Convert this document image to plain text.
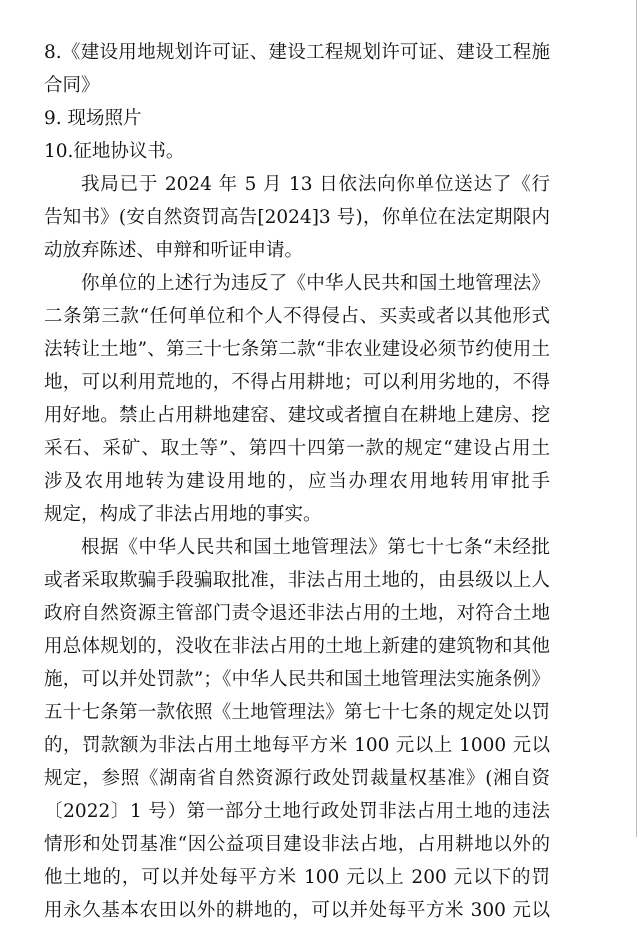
8.《建设用地规划许可证、建设工程规划许可证、建设工程施
合同》
9. 现场照片
10.征地协议书。
我局已于 2024 年 5 月 13 日依法向你单位送达了《行
告知书》(安自然资罚高告[2024]3 号)，你单位在法定期限内
动放弃陈述、申辩和听证申请。
你单位的上述行为违反了《中华人民共和国土地管理法》
二条第三款“任何单位和个人不得侵占、买卖或者以其他形式
法转让土地”、第三十七条第二款“非农业建设必须节约使用土
地，可以利用荒地的，不得占用耕地；可以利用劣地的，不得
用好地。禁止占用耕地建窑、建坟或者擅自在耕地上建房、挖
采石、采矿、取土等”、第四十四第一款的规定“建设占用土
涉及农用地转为建设用地的，应当办理农用地转用审批手
规定，构成了非法占用地的事实。
根据《中华人民共和国土地管理法》第七十七条“未经批
或者采取欺骗手段骗取批准，非法占用土地的，由县级以上人
政府自然资源主管部门责令退还非法占用的土地，对符合土地
用总体规划的，没收在非法占用的土地上新建的建筑物和其他
施，可以并处罚款”；《中华人民共和国土地管理法实施条例》
五十七条第一款依照《土地管理法》第七十七条的规定处以罚
的，罚款额为非法占用土地每平方米 100 元以上 1000 元以
规定，参照《湖南省自然资源行政处罚裁量权基准》(湘自资
〔2022〕1 号）第一部分土地行政处罚非法占用土地的违法
情形和处罚基准“因公益项目建设非法占地，占用耕地以外的
他土地的，可以并处每平方米 100 元以上 200 元以下的罚
用永久基本农田以外的耕地的，可以并处每平方米 300 元以
